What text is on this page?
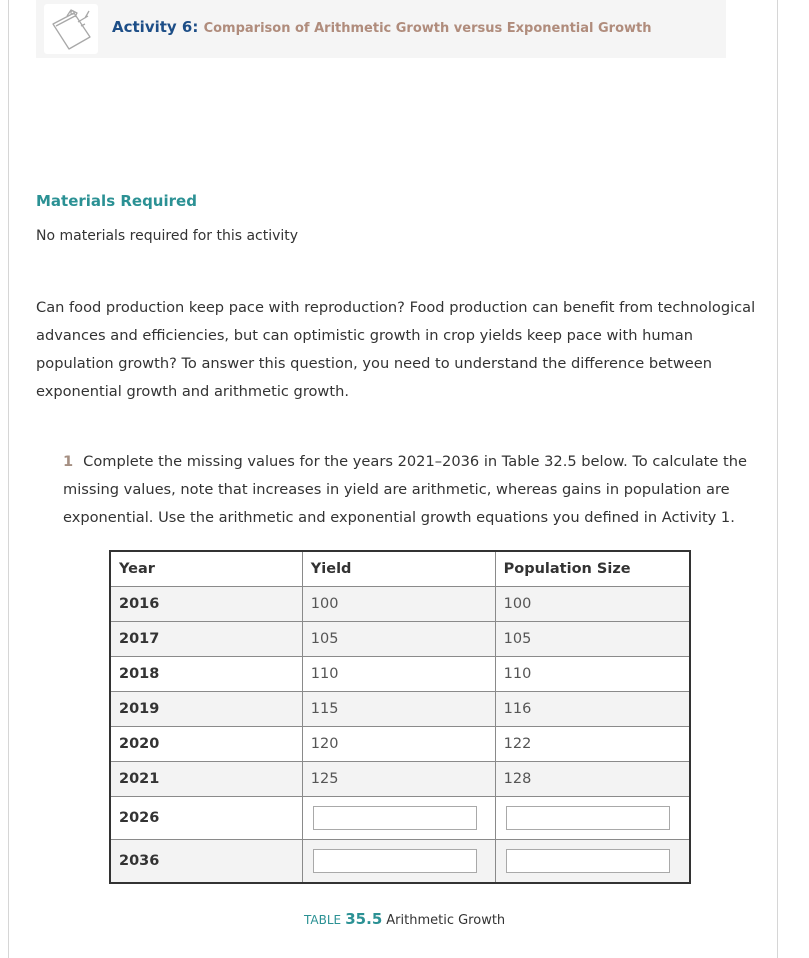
Activity 6: Comparison of Arithmetic Growth versus Exponential Growth
Materials Required
No materials required for this activity
Can food production keep pace with reproduction? Food production can benefit from technological advances and efficiencies, but can optimistic growth in crop yields keep pace with human population growth? To answer this question, you need to understand the difference between exponential growth and arithmetic growth.
1 Complete the missing values for the years 2021–2036 in Table 32.5 below. To calculate the missing values, note that increases in yield are arithmetic, whereas gains in population are exponential. Use the arithmetic and exponential growth equations you defined in Activity 1.
Year	Yield	Population Size
2016	100	100
2017	105	105
2018	110	110
2019	115	116
2020	120	122
2021	125	128
2026		
2036		
TABLE 35.5 Arithmetic Growth
